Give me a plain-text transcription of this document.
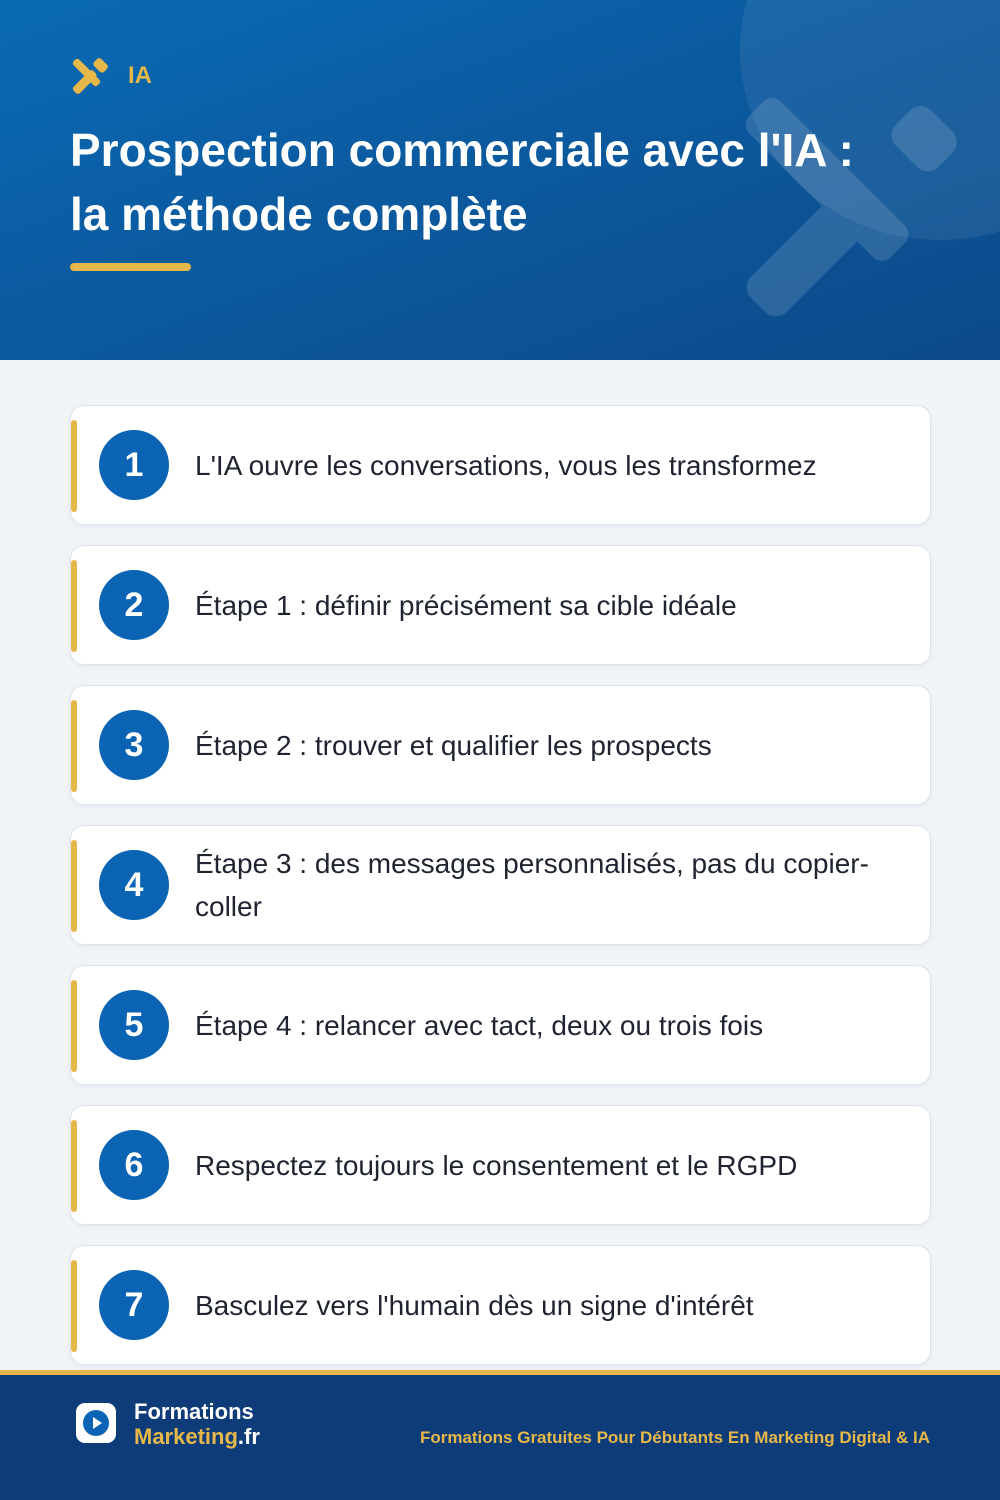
IA
Prospection commerciale avec l'IA : la méthode complète
1	L'IA ouvre les conversations, vous les transformez
2	Étape 1 : définir précisément sa cible idéale
3	Étape 2 : trouver et qualifier les prospects
4
Étape 3 : des messages personnalisés, pas du copier-coller
5	Étape 4 : relancer avec tact, deux ou trois fois
6	Respectez toujours le consentement et le RGPD
7	Basculez vers l'humain dès un signe d'intérêt
Formations
Marketing.fr	Formations Gratuites Pour Débutants En Marketing Digital & IA
